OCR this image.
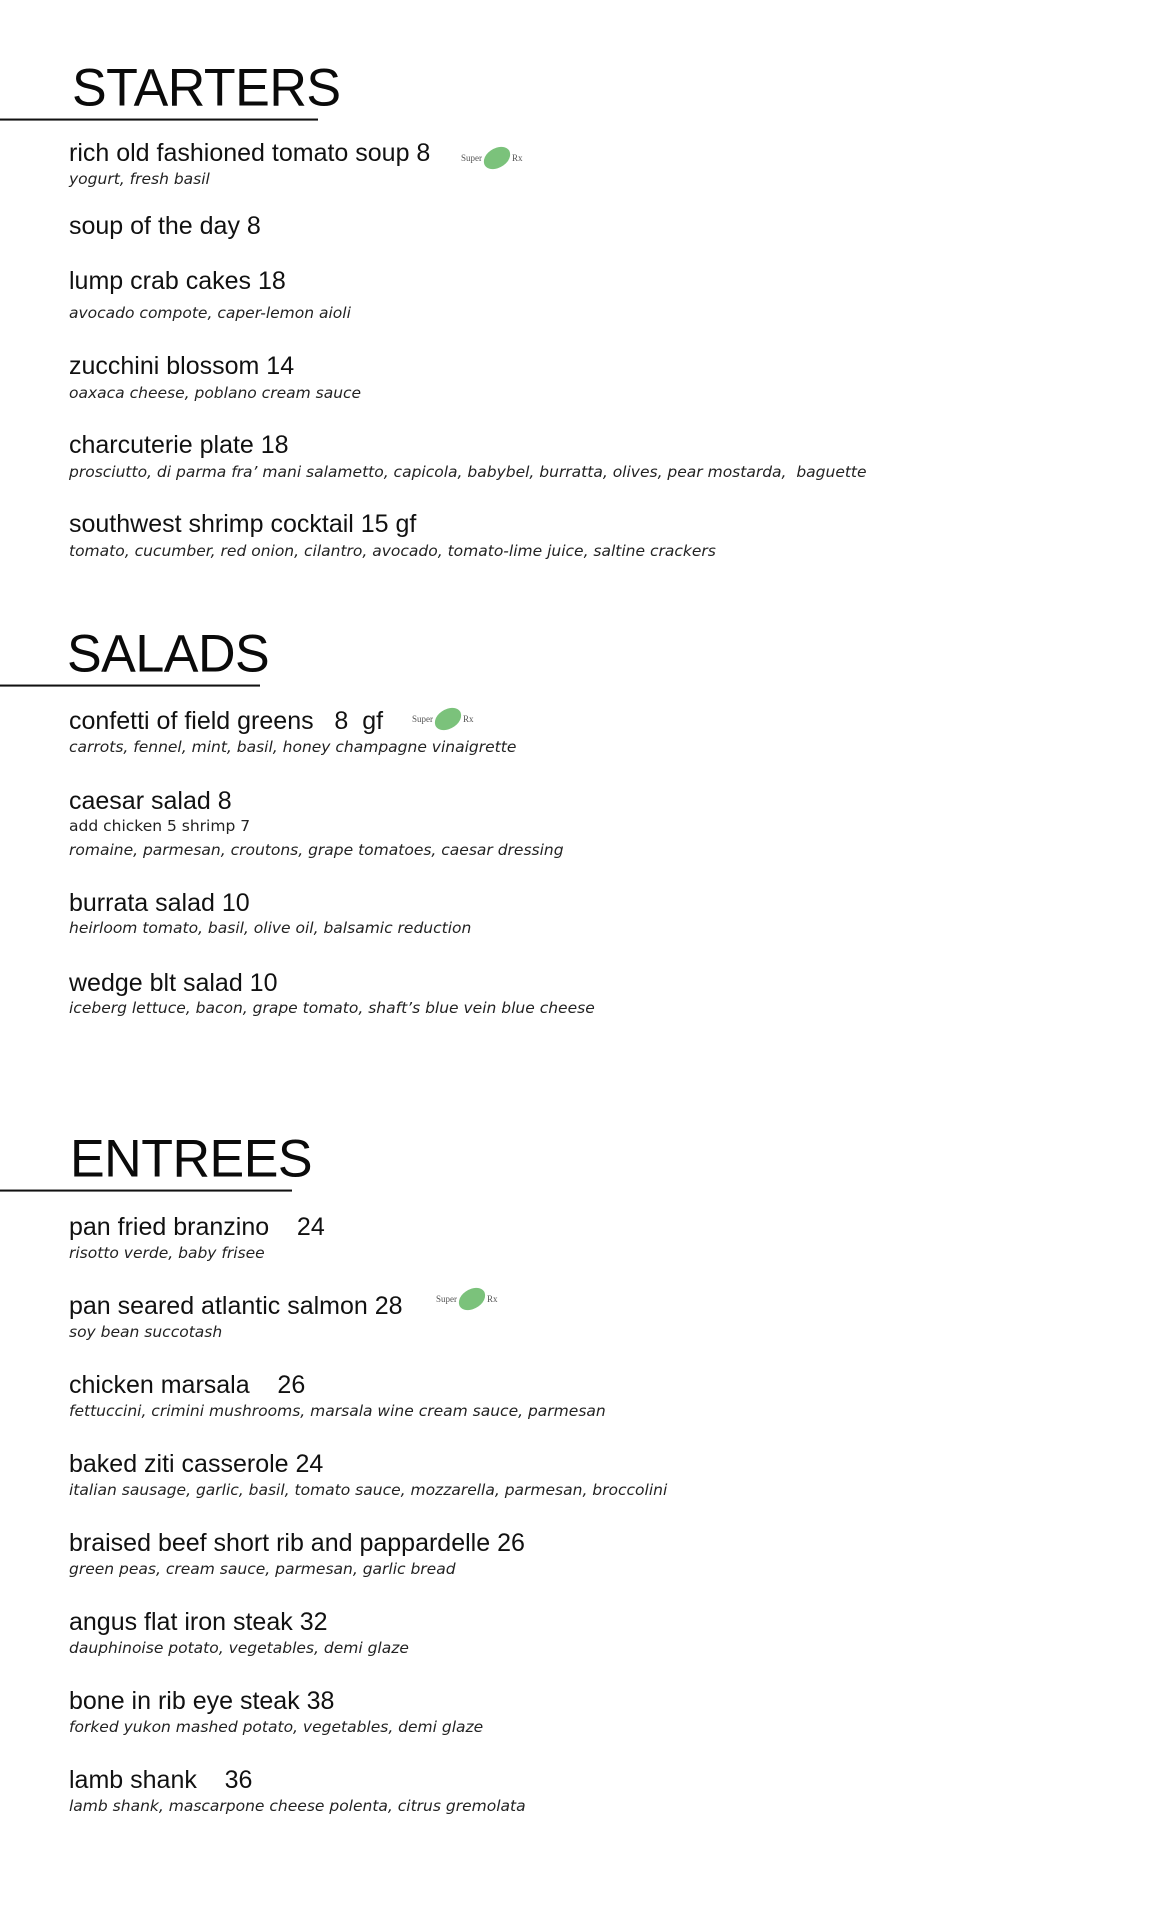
STARTERS
rich old fashioned tomato soup 8	Super	Rx
yogurt, fresh basil
soup of the day 8
lump crab cakes 18
avocado compote, caper-lemon aioli
zucchini blossom 14
oaxaca cheese, poblano cream sauce
charcuterie plate 18
prosciutto, di parma fra’ mani salametto, capicola, babybel, burratta, olives, pear mostarda,  baguette
southwest shrimp cocktail 15 gf
tomato, cucumber, red onion, cilantro, avocado, tomato-lime juice, saltine crackers
SALADS
confetti of field greens   8  gf	Super	Rx
carrots, fennel, mint, basil, honey champagne vinaigrette
caesar salad 8
add chicken 5 shrimp 7
romaine, parmesan, croutons, grape tomatoes, caesar dressing
burrata salad 10
heirloom tomato, basil, olive oil, balsamic reduction
wedge blt salad 10
iceberg lettuce, bacon, grape tomato, shaft’s blue vein blue cheese
ENTREES
pan fried branzino    24
risotto verde, baby frisee
pan seared atlantic salmon 28	Super	Rx
soy bean succotash
chicken marsala    26
fettuccini, crimini mushrooms, marsala wine cream sauce, parmesan
baked ziti casserole 24
italian sausage, garlic, basil, tomato sauce, mozzarella, parmesan, broccolini
braised beef short rib and pappardelle 26
green peas, cream sauce, parmesan, garlic bread
angus flat iron steak 32
dauphinoise potato, vegetables, demi glaze
bone in rib eye steak 38
forked yukon mashed potato, vegetables, demi glaze
lamb shank    36
lamb shank, mascarpone cheese polenta, citrus gremolata
